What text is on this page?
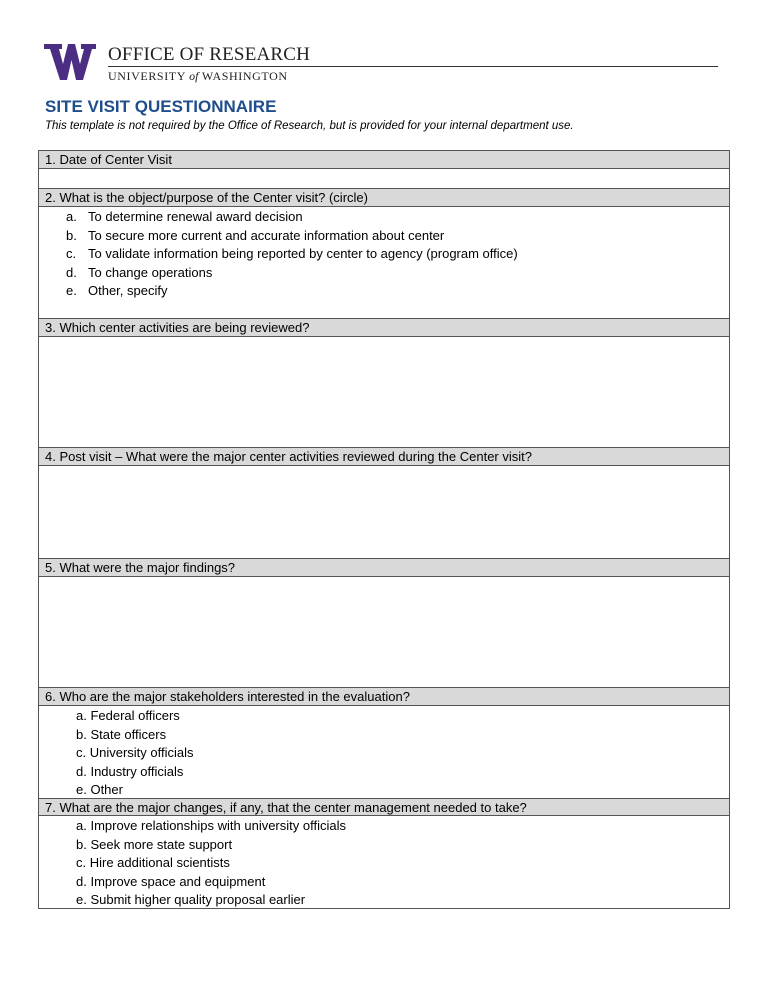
OFFICE OF RESEARCH
UNIVERSITY of WASHINGTON
SITE VISIT QUESTIONNAIRE
This template is not required by the Office of Research, but is provided for your internal department use.
1. Date of Center Visit
2. What is the object/purpose of the Center visit? (circle)
a. To determine renewal award decision
b. To secure more current and accurate information about center
c. To validate information being reported by center to agency (program office)
d. To change operations
e. Other, specify
3. Which center activities are being reviewed?
4. Post visit – What were the major center activities reviewed during the Center visit?
5. What were the major findings?
6. Who are the major stakeholders interested in the evaluation?
a. Federal officers
b. State officers
c. University officials
d. Industry officials
e. Other
7. What are the major changes, if any, that the center management needed to take?
a. Improve relationships with university officials
b. Seek more state support
c. Hire additional scientists
d. Improve space and equipment
e. Submit higher quality proposal earlier
